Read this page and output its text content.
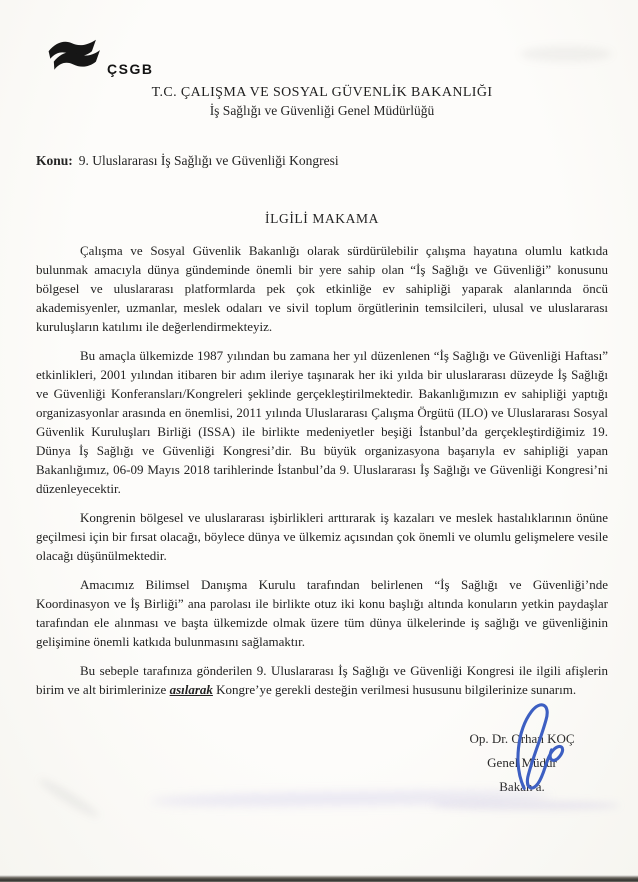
ÇSGB
T.C. ÇALIŞMA VE SOSYAL GÜVENLİK BAKANLIĞI
İş Sağlığı ve Güvenliği Genel Müdürlüğü
Konu: 9. Uluslararası İş Sağlığı ve Güvenliği Kongresi
İLGİLİ MAKAMA

Çalışma ve Sosyal Güvenlik Bakanlığı olarak sürdürülebilir çalışma hayatına olumlu katkıda bulunmak amacıyla dünya gündeminde önemli bir yere sahip olan “İş Sağlığı ve Güvenliği” konusunu bölgesel ve uluslararası platformlarda pek çok etkinliğe ev sahipliği yaparak alanlarında öncü akademisyenler, uzmanlar, meslek odaları ve sivil toplum örgütlerinin temsilcileri, ulusal ve uluslararası kuruluşların katılımı ile değerlendirmekteyiz.

Bu amaçla ülkemizde 1987 yılından bu zamana her yıl düzenlenen “İş Sağlığı ve Güvenliği Haftası” etkinlikleri, 2001 yılından itibaren bir adım ileriye taşınarak her iki yılda bir uluslararası düzeyde İş Sağlığı ve Güvenliği Konferansları/Kongreleri şeklinde gerçekleştirilmektedir. Bakanlığımızın ev sahipliği yaptığı organizasyonlar arasında en önemlisi, 2011 yılında Uluslararası Çalışma Örgütü (ILO) ve Uluslararası Sosyal Güvenlik Kuruluşları Birliği (ISSA) ile birlikte medeniyetler beşiği İstanbul’da gerçekleştirdiğimiz 19. Dünya İş Sağlığı ve Güvenliği Kongresi’dir. Bu büyük organizasyona başarıyla ev sahipliği yapan Bakanlığımız, 06-09 Mayıs 2018 tarihlerinde İstanbul’da 9. Uluslararası İş Sağlığı ve Güvenliği Kongresi’ni düzenleyecektir.

Kongrenin bölgesel ve uluslararası işbirlikleri arttırarak iş kazaları ve meslek hastalıklarının önüne geçilmesi için bir fırsat olacağı, böylece dünya ve ülkemiz açısından çok önemli ve olumlu gelişmelere vesile olacağı düşünülmektedir.

Amacımız Bilimsel Danışma Kurulu tarafından belirlenen “İş Sağlığı ve Güvenliği’nde Koordinasyon ve İş Birliği” ana parolası ile birlikte otuz iki konu başlığı altında konuların yetkin paydaşlar tarafından ele alınması ve başta ülkemizde olmak üzere tüm dünya ülkelerinde iş sağlığı ve güvenliğinin gelişimine önemli katkıda bulunmasını sağlamaktır.

Bu sebeple tarafınıza gönderilen 9. Uluslararası İş Sağlığı ve Güvenliği Kongresi ile ilgili afişlerin birim ve alt birimlerinize asılarak Kongre’ye gerekli desteğin verilmesi hususunu bilgilerinize sunarım.

Op. Dr. Orhan KOÇ
Genel Müdür
Bakan a.
